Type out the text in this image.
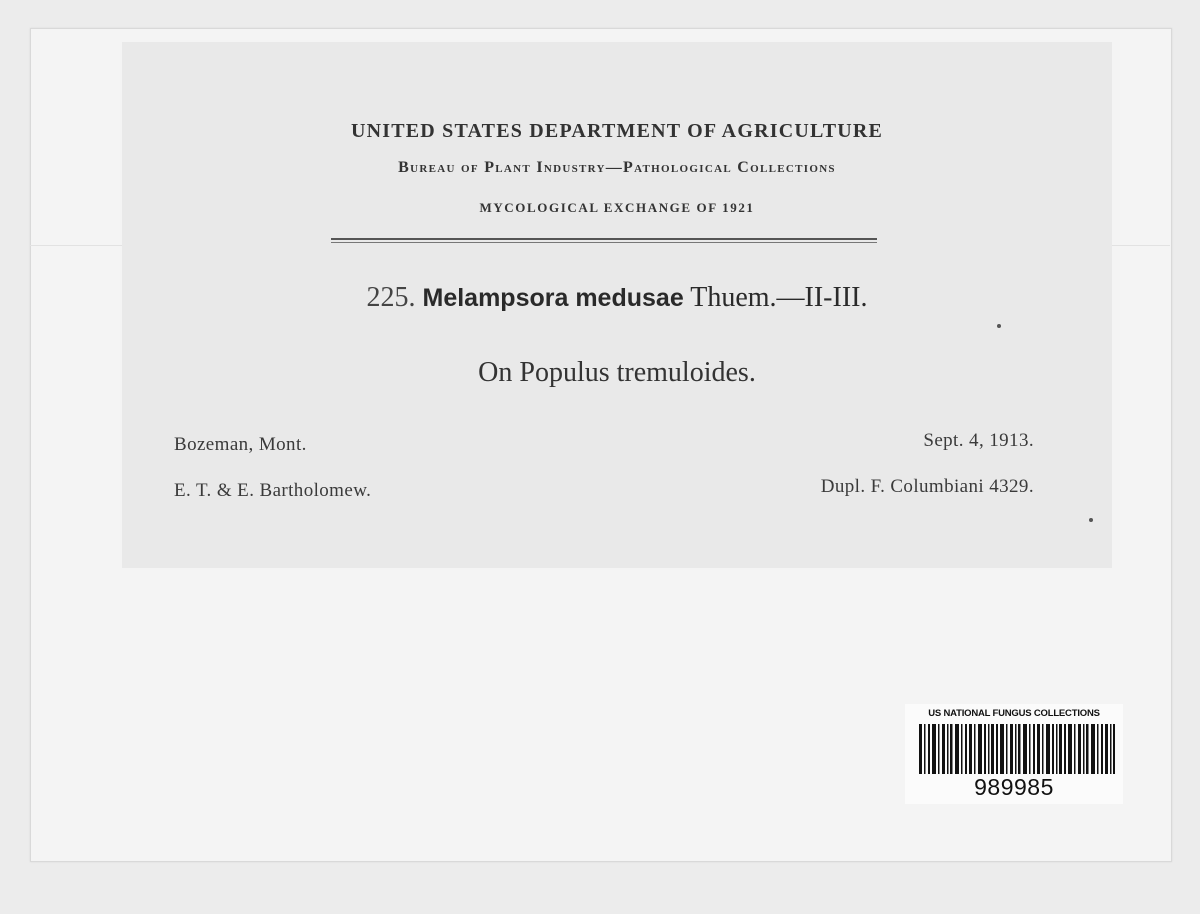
UNITED STATES DEPARTMENT OF AGRICULTURE
Bureau of Plant Industry—Pathological Collections
MYCOLOGICAL EXCHANGE OF 1921
225. Melampsora medusae Thuem.—II-III.
On Populus tremuloides.
Bozeman, Mont.
E. T. & E. Bartholomew.
Sept. 4, 1913.
Dupl. F. Columbiani 4329.
US NATIONAL FUNGUS COLLECTIONS
989985
